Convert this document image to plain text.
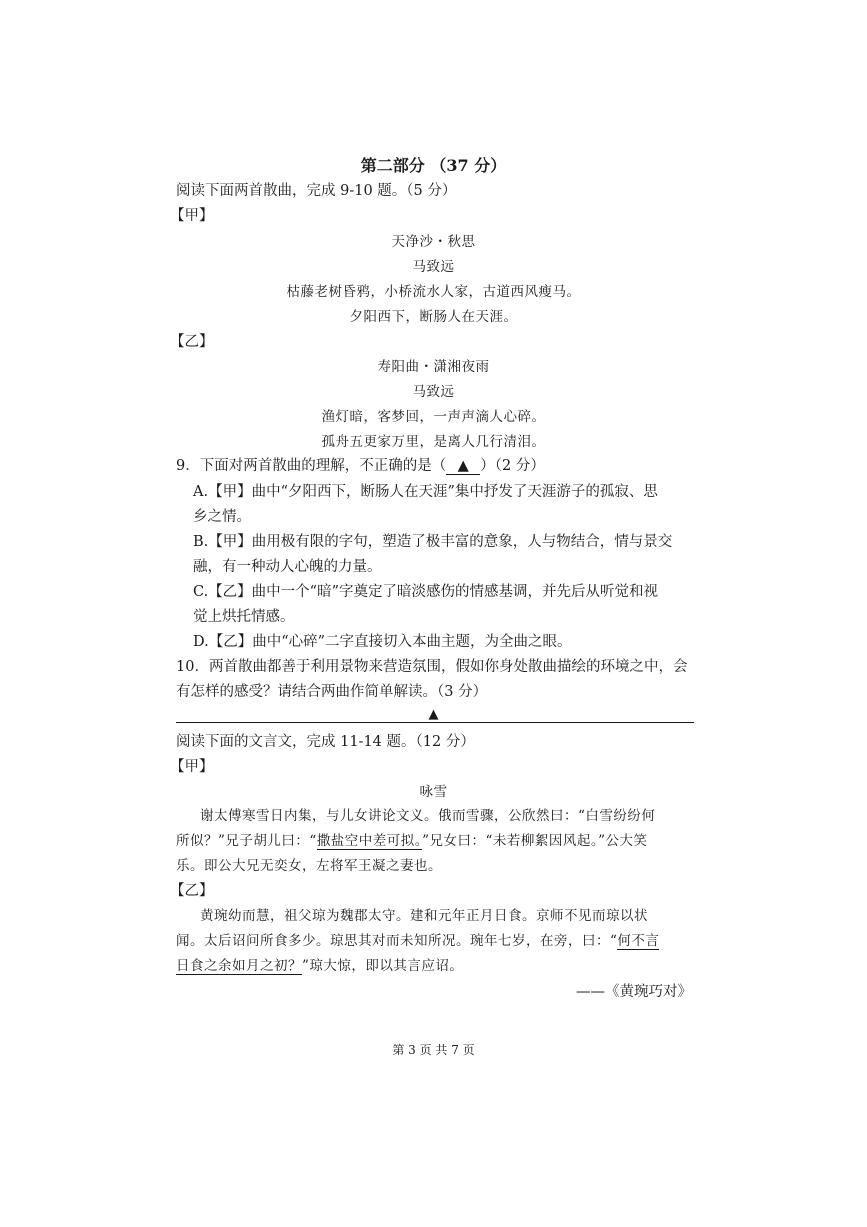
第二部分 （37 分）
阅读下面两首散曲，完成 9-10 题。（5 分）
【甲】
天净沙・秋思
马致远
枯藤老树昏鸦，小桥流水人家，古道西风瘦马。
夕阳西下，断肠人在天涯。
【乙】
寿阳曲・潇湘夜雨
马致远
渔灯暗，客梦回，一声声滴人心碎。
孤舟五更家万里，是离人几行清泪。
9．下面对两首散曲的理解，不正确的是（ ▲ ）（2 分）
A.【甲】曲中“夕阳西下，断肠人在天涯”集中抒发了天涯游子的孤寂、思
乡之情。
B.【甲】曲用极有限的字句，塑造了极丰富的意象，人与物结合，情与景交
融，有一种动人心魄的力量。
C.【乙】曲中一个“暗”字奠定了暗淡感伤的情感基调，并先后从听觉和视
觉上烘托情感。
D.【乙】曲中“心碎”二字直接切入本曲主题，为全曲之眼。
10．两首散曲都善于利用景物来营造氛围，假如你身处散曲描绘的环境之中，会
有怎样的感受？请结合两曲作简单解读。（3 分）
▲
阅读下面的文言文，完成 11-14 题。（12 分）
【甲】
咏雪
谢太傅寒雪日内集，与儿女讲论文义。俄而雪骤，公欣然曰：“白雪纷纷何
所似？”兄子胡儿曰：“撒盐空中差可拟。”兄女曰：“未若柳絮因风起。”公大笑
乐。即公大兄无奕女，左将军王凝之妻也。
【乙】
黄琬幼而慧，祖父琼为魏郡太守。建和元年正月日食。京师不见而琼以状
闻。太后诏问所食多少。琼思其对而未知所况。琬年七岁，在旁，曰：“何不言
日食之余如月之初？”琼大惊，即以其言应诏。
——《黄琬巧对》
第 3 页 共 7 页
